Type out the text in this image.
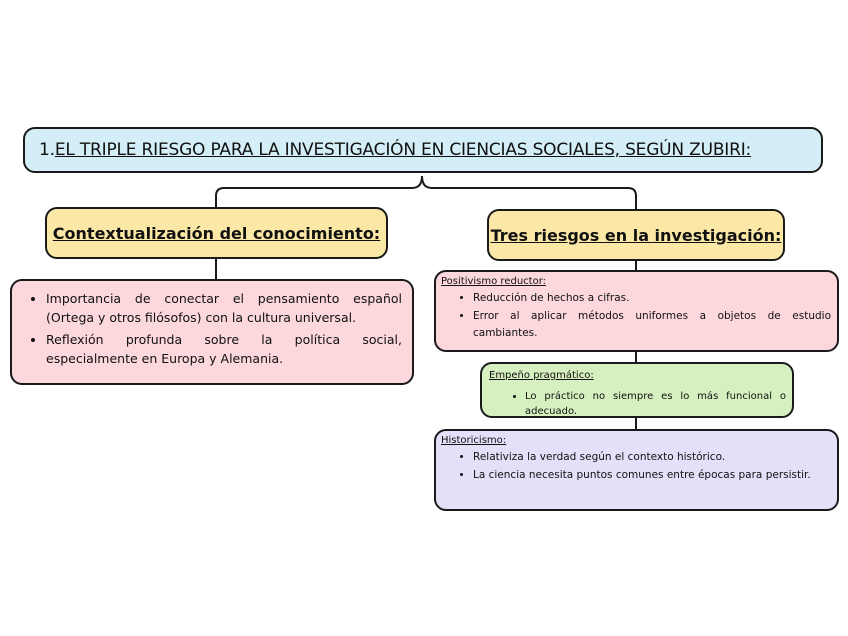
1. EL TRIPLE RIESGO PARA LA INVESTIGACIÓN EN CIENCIAS SOCIALES, SEGÚN ZUBIRI:
Contextualización del conocimiento:
• Importancia de conectar el pensamiento español (Ortega y otros filósofos) con la cultura universal.
• Reflexión profunda sobre la política social, especialmente en Europa y Alemania.
Tres riesgos en la investigación:
Positivismo reductor:
• Reducción de hechos a cifras.
• Error al aplicar métodos uniformes a objetos de estudio cambiantes.
Empeño pragmático:
• Lo práctico no siempre es lo más funcional o adecuado.
Historicismo:
• Relativiza la verdad según el contexto histórico.
• La ciencia necesita puntos comunes entre épocas para persistir.
